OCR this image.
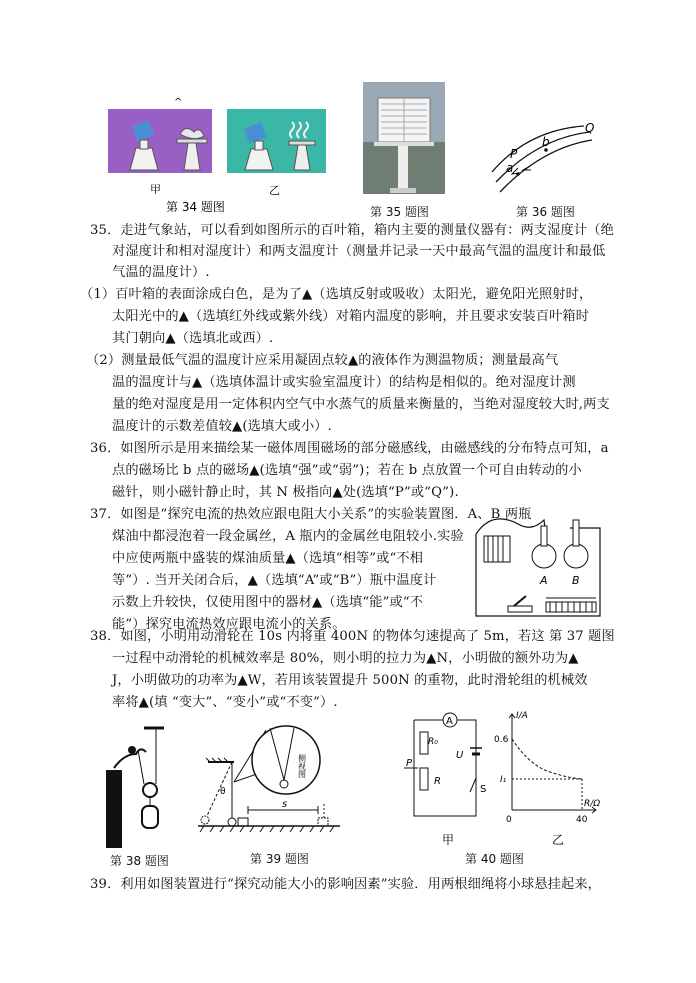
^
甲	乙
第 34 题图	第 35 题图
Q
P
b
a
第 36 题图
35．走进气象站，可以看到如图所示的百叶箱，箱内主要的测量仪器有：两支湿度计（绝
对湿度计和相对湿度计）和两支温度计（测量并记录一天中最高气温的温度计和最低
气温的温度计）.
（1）百叶箱的表面涂成白色，是为了▲（选填反射或吸收）太阳光，避免阳光照射时，
太阳光中的▲（选填红外线或紫外线）对箱内温度的影响，并且要求安装百叶箱时
其门朝向▲（选填北或西）.
（2）测量最低气温的温度计应采用凝固点较▲的液体作为测温物质；测量最高气
温的温度计与▲（选填体温计或实验室温度计）的结构是相似的。绝对湿度计测
量的绝对湿度是用一定体积内空气中水蒸气的质量来衡量的，当绝对湿度较大时,两支
温度计的示数差值较▲(选填大或小）.
36．如图所示是用来描绘某一磁体周围磁场的部分磁感线，由磁感线的分布特点可知，a
点的磁场比 b 点的磁场▲(选填“强”或“弱”)；若在 b 点放置一个可自由转动的小
磁针，则小磁针静止时，其 N 极指向▲处(选填“P”或“Q”).
37．如图是“探究电流的热效应跟电阻大小关系”的实验装置图．A、B 两瓶
煤油中都浸泡着一段金属丝，A 瓶内的金属丝电阻较小.实验
中应使两瓶中盛装的煤油质量▲（选填“相等”或“不相
等”）. 当开关闭合后，▲（选填“A”或“B”）瓶中温度计
示数上升较快，仅使用图中的器材▲（选填“能”或“不
能”）探究电流热效应跟电流小的关系。
A B
38．如图，小明用动滑轮在 10s 内将重 400N 的物体匀速提高了 5m，若这 第 37 题图
一过程中动滑轮的机械效率是 80%，则小明的拉力为▲N，小明做的额外功为▲
J，小明做功的功率为▲W，若用该装置提升 500N 的重物，此时滑轮组的机械效
率将▲(填 “变大”、“变小”或“不变”）.
第 38 题图
s
θ
侧视图
第 39 题图
A
R₀
R
P
U
S
甲
I/A
R/Ω
0.6
I₁
0	40
乙
第 40 题图
39．利用如图装置进行“探究动能大小的影响因素”实验．用两根细绳将小球悬挂起来，
